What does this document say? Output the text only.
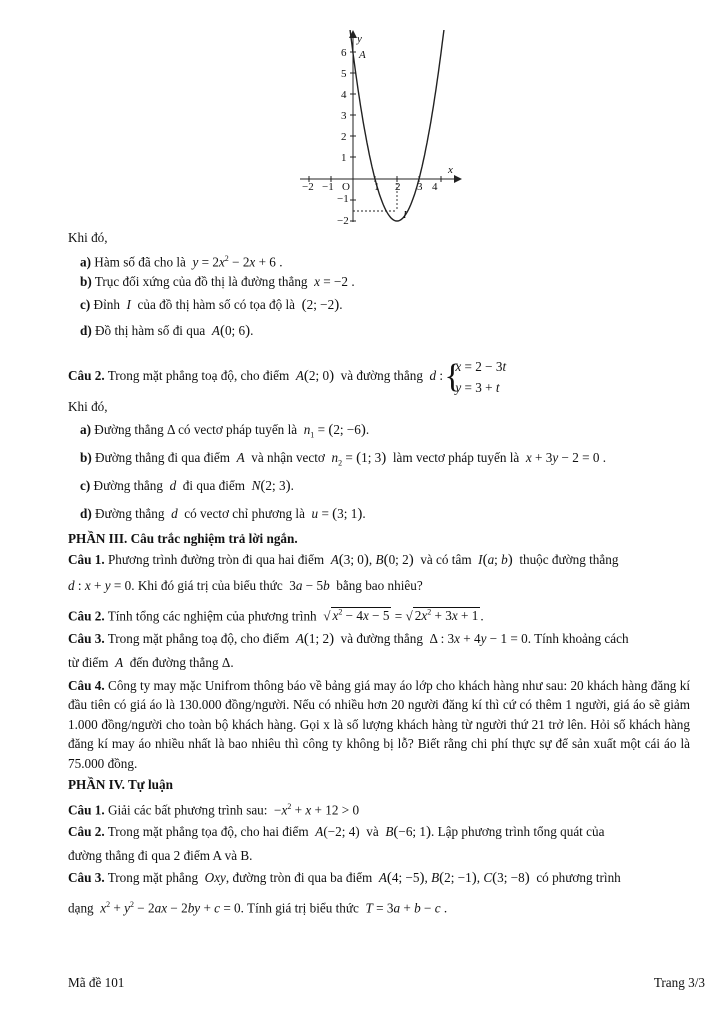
−2 −1 O 1 2 3 4
6
5
4
3
2
1
−1
−2
x
y
A
I
Khi đó,
a) Hàm số đã cho là $y = 2x^2 - 2x + 6$ .
b) Trục đối xứng của đồ thị là đường thẳng x = −2 .
c) Đỉnh I của đồ thị hàm số có tọa độ là (2; −2).
d) Đồ thị hàm số đi qua A(0; 6).
Câu 2. Trong mặt phẳng toạ độ, cho điểm A(2; 0) và đường thẳng d : { x = 2 − 3t
y = 3 + t
Khi đó,
a) Đường thẳng Δ có vectơ pháp tuyến là $n_1 = (2$; −6).
b) Đường thẳng đi qua điểm A và nhận vectơ $n_2 = (1$; 3) làm vectơ pháp tuyến là x + 3y − 2 = 0 .
c) Đường thẳng d đi qua điểm N(2; 3).
d) Đường thẳng d có vectơ chỉ phương là u = (3; 1).
PHẦN III. Câu trắc nghiệm trả lời ngắn.
Câu 1. Phương trình đường tròn đi qua hai điểm A(3; 0), B(0; 2) và có tâm I(a; b) thuộc đường thẳng
d : x + y = 0. Khi đó giá trị của biểu thức  3a − 5b bằng bao nhiêu?
Câu 2. Tính tổng các nghiệm của phương trình  √ $x^2 - 4x - 5$ = √ $2x^2 + 3x + 1$ .
Câu 3. Trong mặt phẳng toạ độ, cho điểm A(1; 2) và đường thẳng  Δ : 3x + 4y − 1 = 0. Tính khoảng cách
từ điểm A đến đường thẳng Δ.
Câu 4. Công ty may mặc Unifrom thông báo về bảng giá may áo lớp cho khách hàng như sau: 20 khách hàng đăng kí đầu tiên có giá áo là 130.000 đồng/người. Nếu có nhiều hơn 20 người đăng kí thì cứ có thêm 1 người, giá áo sẽ giảm 1.000 đồng/người cho toàn bộ khách hàng. Gọi x là số lượng khách hàng từ người thứ 21 trở lên. Hỏi số khách hàng đăng kí may áo nhiều nhất là bao nhiêu thì công ty không bị lỗ? Biết rằng chi phí thực sự để sản xuất một cái áo là 75.000 đồng.
PHẦN IV. Tự luận
Câu 1. Giải các bất phương trình sau:  $-x^2 + x + 12 > 0$
Câu 2. Trong mặt phẳng tọa độ, cho hai điểm A(−2; 4)  và B(−6; 1). Lập phương trình tổng quát của
đường thẳng đi qua 2 điểm A và B.
Câu 3. Trong mặt phẳng Oxy, đường tròn đi qua ba điểm A(4; −5), B(2; −1), C(3; −8) có phương trình
dạng $x^2 + y^2 - 2ax - 2by + c = 0$. Tính giá trị biểu thức T = 3a + b − c .
Mã đề 101	Trang 3/3
